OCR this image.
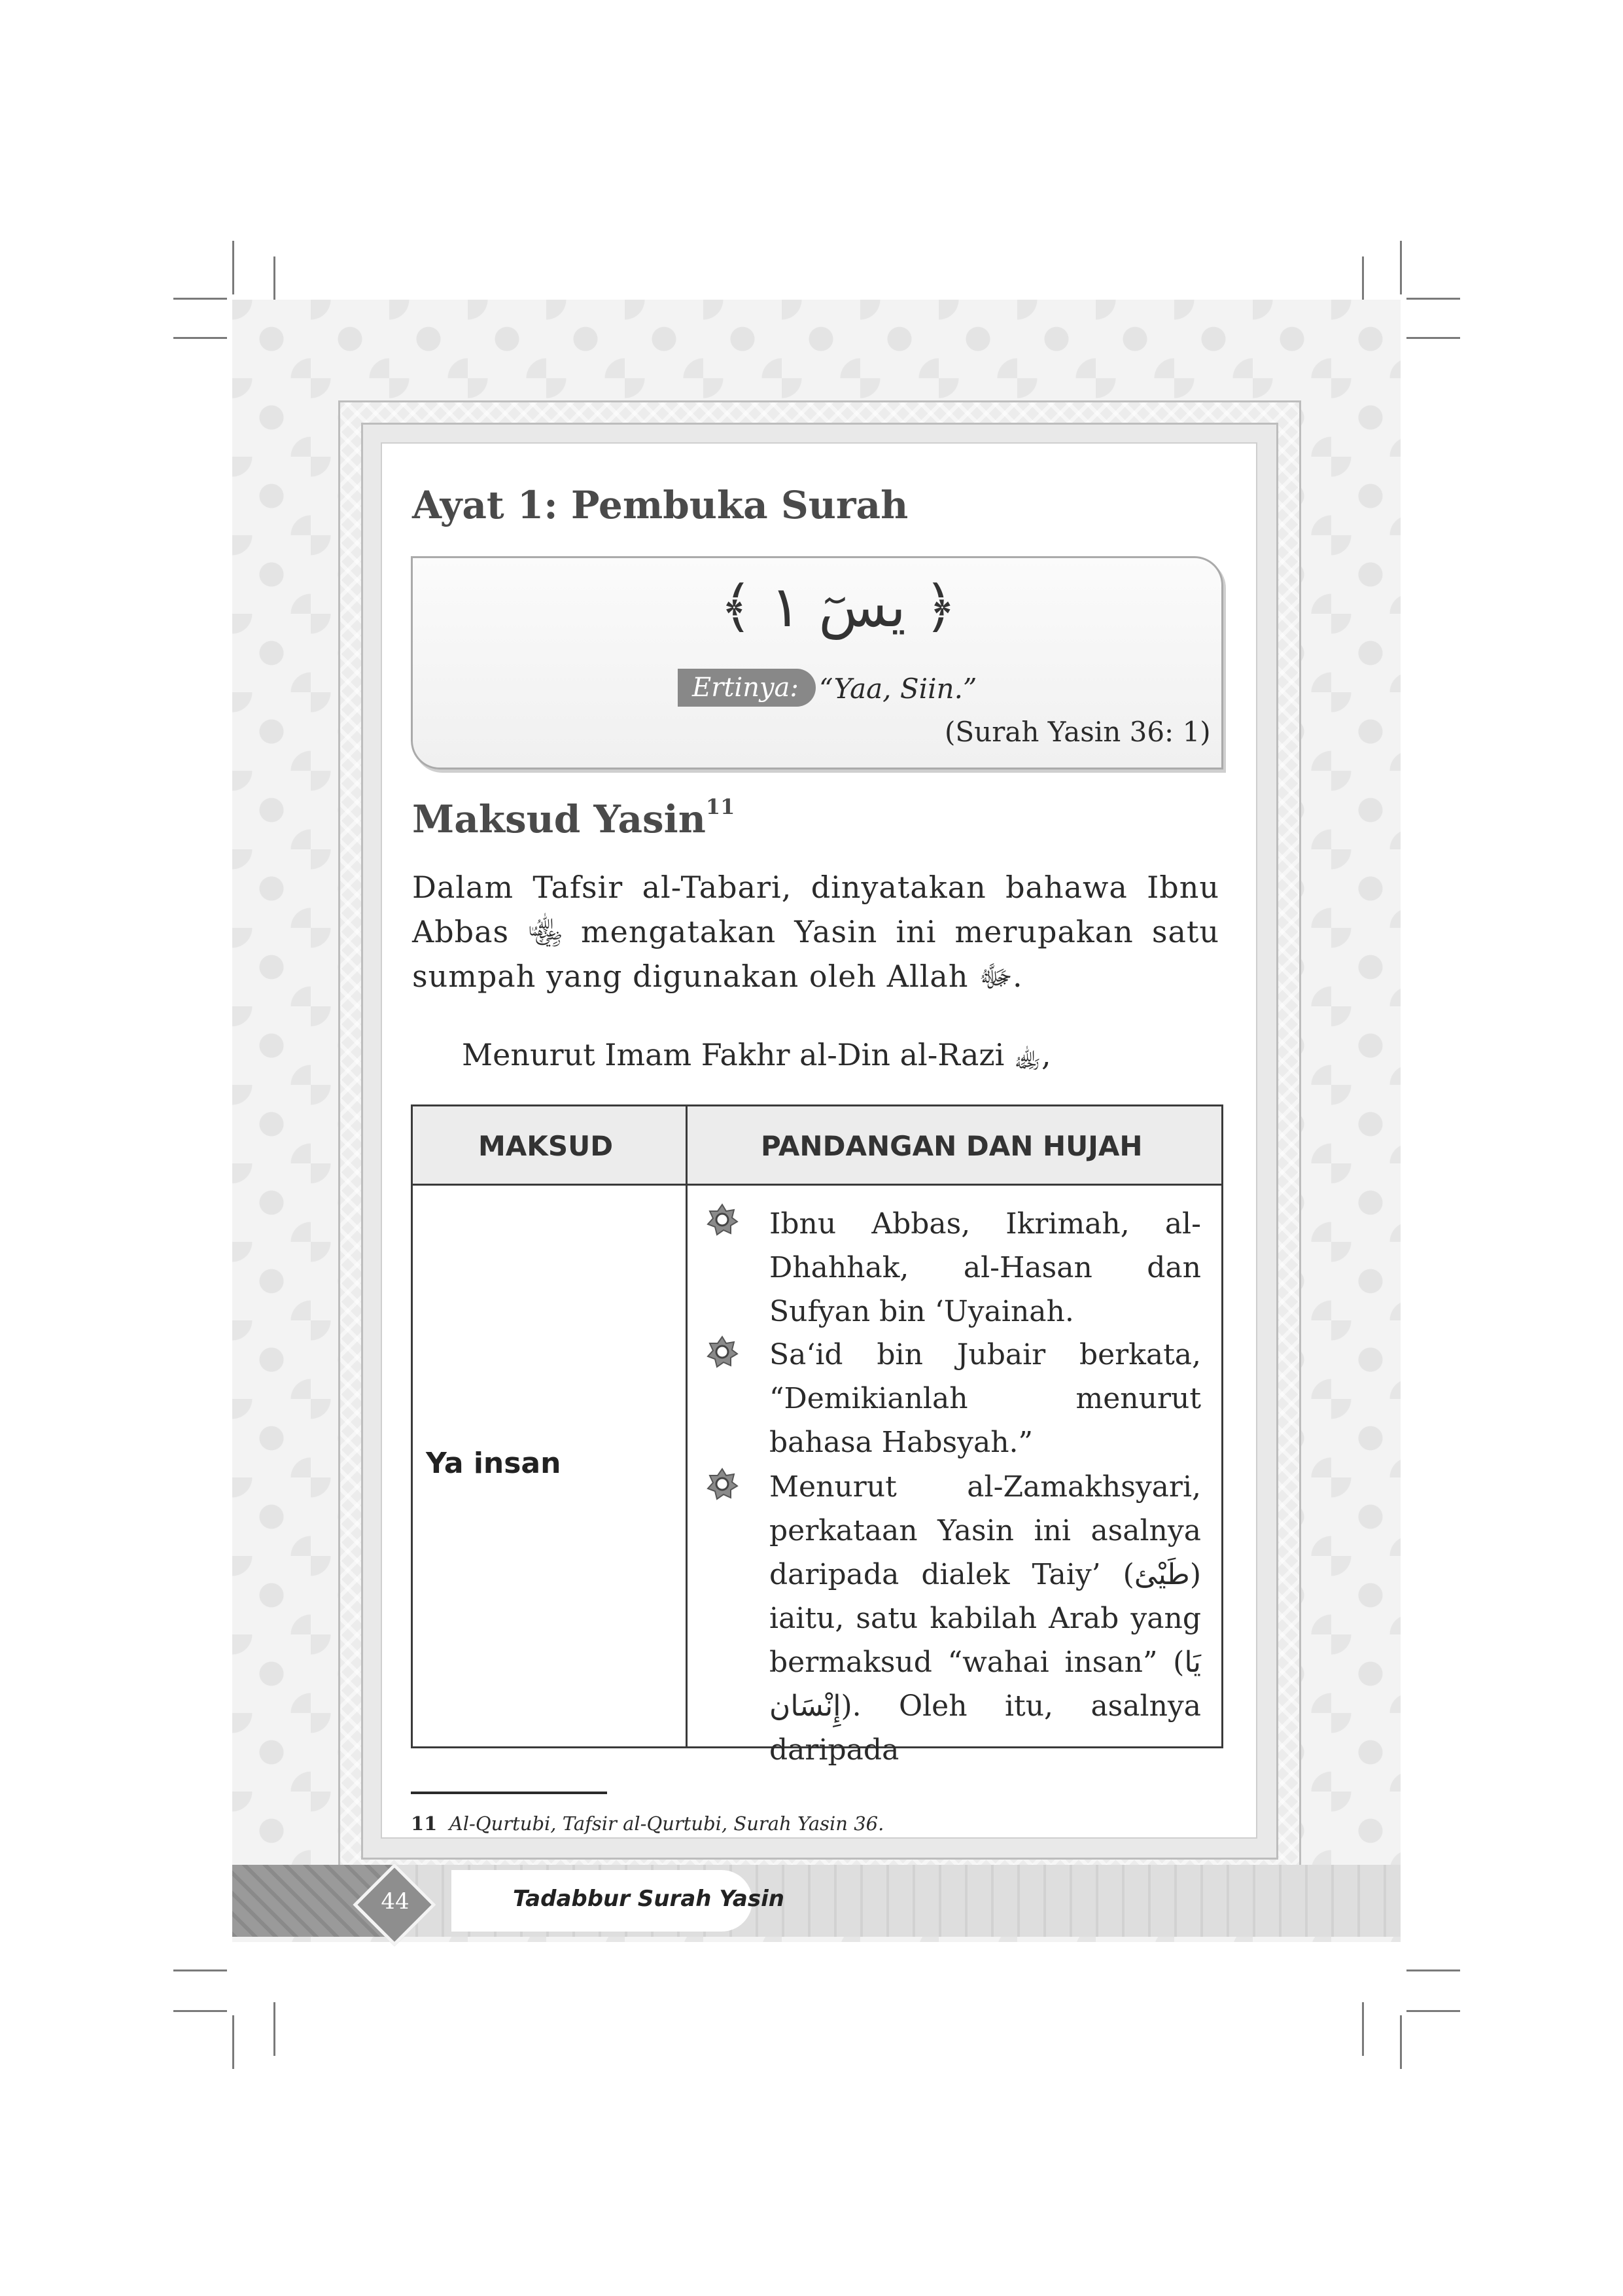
Ayat 1: Pembuka Surah
﴿ يسٓ ١ ﴾
Ertinya: “Yaa, Siin.”
(Surah Yasin 36: 1)
Maksud Yasin$^{11}$

Dalam Tafsir al-Tabari, dinyatakan bahawa Ibnu Abbas ﵄ mengatakan Yasin ini merupakan satu sumpah yang digunakan oleh Allah ﷻ.

Menurut Imam Fakhr al-Din al-Razi ﵀,
MAKSUD	PANDANGAN DAN HUJAH
Ya insan

Ibnu Abbas, Ikrimah, al-Dhahhak, al-Hasan dan Sufyan bin ‘Uyainah.

Sa‘id bin Jubair berkata, “Demikianlah menurut bahasa Habsyah.”

Menurut al-Zamakhsyari, perkataan Yasin ini asalnya daripada dialek Taiy’ (طَيْئ) iaitu, satu kabilah Arab yang bermaksud “wahai insan” (يَا إِنْسَان). Oleh itu, asalnya daripada

11 Al-Qurtubi, Tafsir al-Qurtubi, Surah Yasin 36.
44	Tadabbur Surah Yasin
